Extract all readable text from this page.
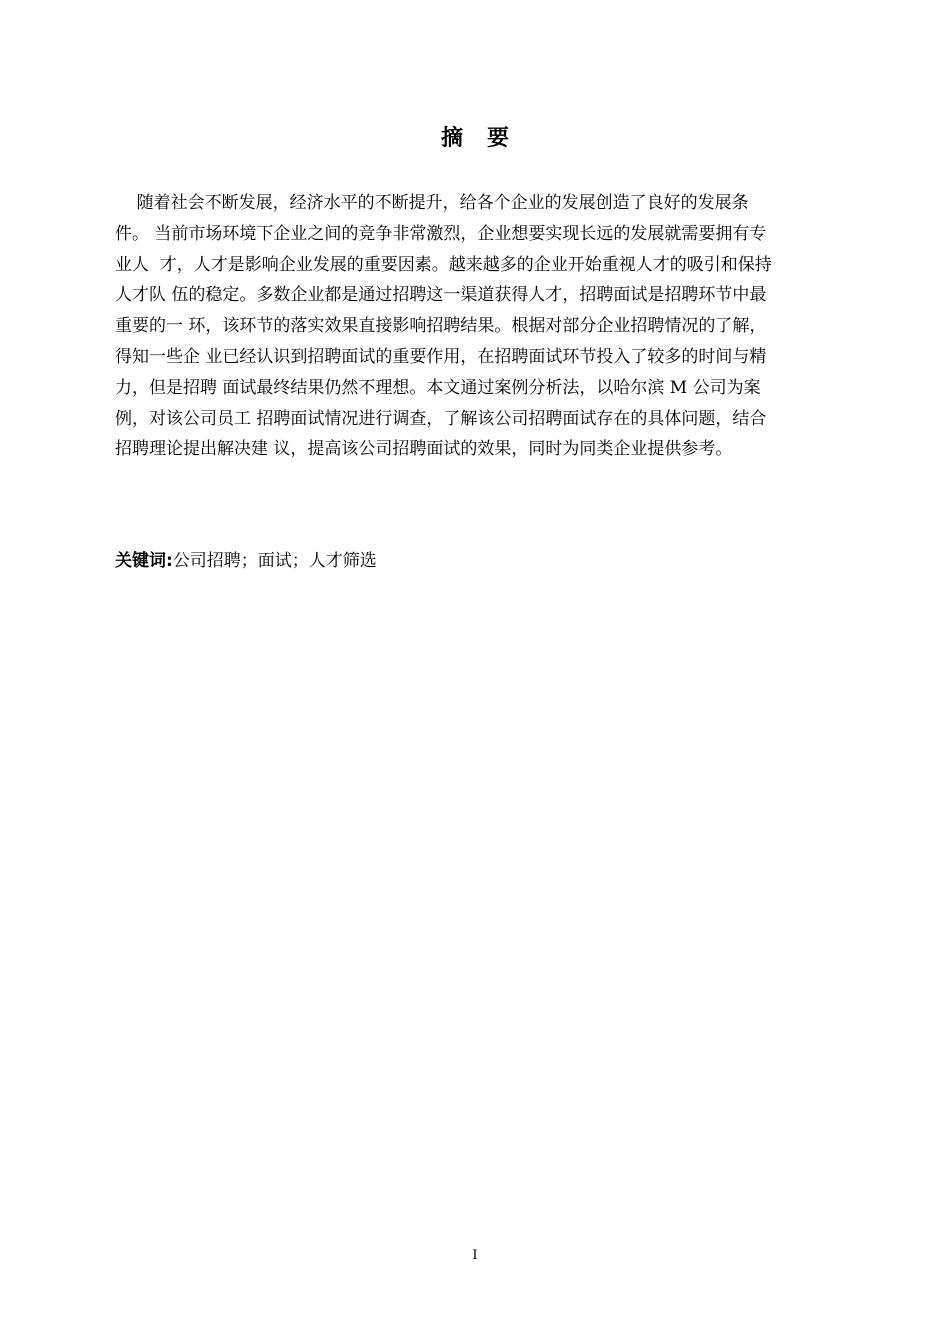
摘要
随着社会不断发展，经济水平的不断提升，给各个企业的发展创造了良好的发展条
件。 当前市场环境下企业之间的竞争非常激烈，企业想要实现长远的发展就需要拥有专
业人  才，人才是影响企业发展的重要因素。越来越多的企业开始重视人才的吸引和保持
人才队 伍的稳定。多数企业都是通过招聘这一渠道获得人才，招聘面试是招聘环节中最
重要的一 环，该环节的落实效果直接影响招聘结果。根据对部分企业招聘情况的了解，
得知一些企 业已经认识到招聘面试的重要作用，在招聘面试环节投入了较多的时间与精
力，但是招聘 面试最终结果仍然不理想。本文通过案例分析法，以哈尔滨 M 公司为案
例，对该公司员工 招聘面试情况进行调查，了解该公司招聘面试存在的具体问题，结合
招聘理论提出解决建 议，提高该公司招聘面试的效果，同时为同类企业提供参考。
关键词:公司招聘；面试；人才筛选
I
